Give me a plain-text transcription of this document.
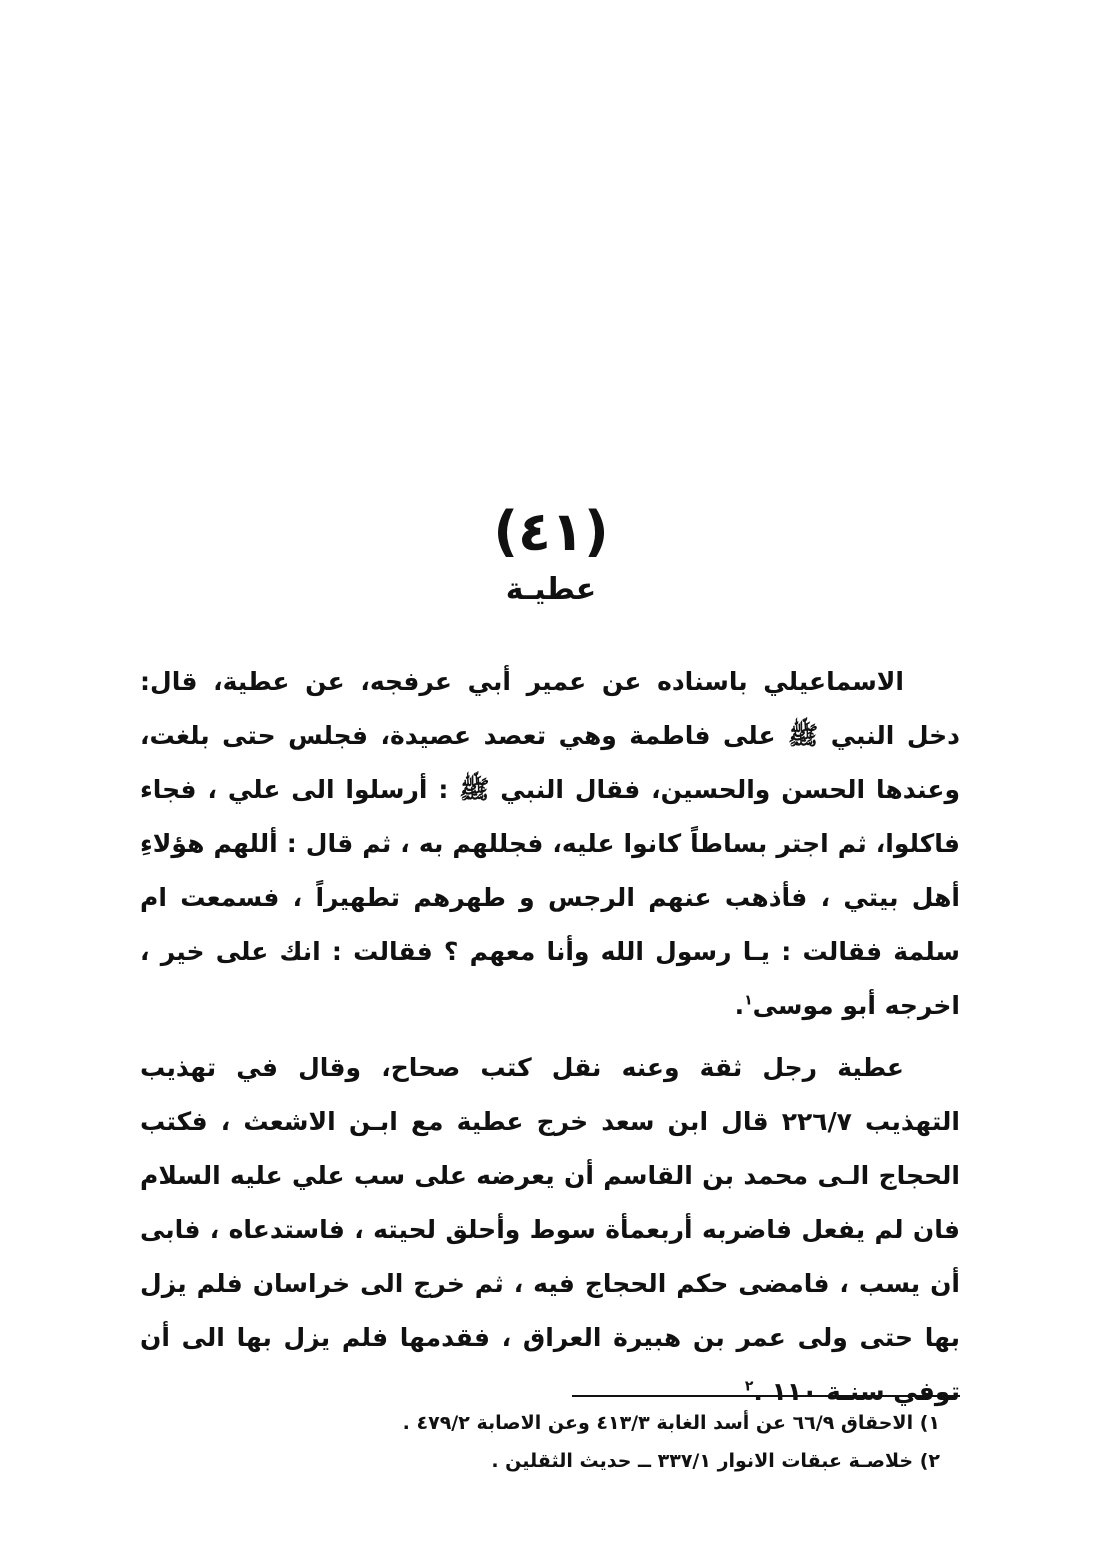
(٤١)
عطيـة

الاسماعيلي باسناده عن عمير أبي عرفجه، عن عطية، قال: دخل النبي ﷺ على فاطمة وهي تعصد عصيدة، فجلس حتى بلغت، وعندها الحسن والحسين، فقال النبي ﷺ : أرسلوا الى علي ، فجاء فاكلوا، ثم اجتر بساطاً كانوا عليه، فجللهم به ، ثم قال : أللهم هؤلاءِ أهل بيتي ، فأذهب عنهم الرجس و طهرهم تطهيراً ، فسمعت ام سلمة فقالت : يـا رسول الله وأنا معهم ؟ فقالت : انك على خير ، اخرجه أبو موسى$^١$.

عطية رجل ثقة وعنه نقل كتب صحاح، وقال في تهذيب التهذيب ٢٢٦/٧ قال ابن سعد خرج عطية مع ابـن الاشعث ، فكتب الحجاج الـى محمد بن القاسم أن يعرضه على سب علي عليه السلام فان لم يفعل فاضربه أربعمأة سوط وأحلق لحيته ، فاستدعاه ، فابى أن يسب ، فامضى حكم الحجاج فيه ، ثم خرج الى خراسان فلم يزل بها حتى ولى عمر بن هبيرة العراق ، فقدمها فلم يزل بها الى أن توفي سنـة ١١٠ .$^٢$

١) الاحقاق ٦٦/٩ عن أسد الغابة ٤١٣/٣ وعن الاصابة ٤٧٩/٢ .

٢) خلاصـة عبقات الانوار ٣٣٧/١ ــ حديث الثقلين .
